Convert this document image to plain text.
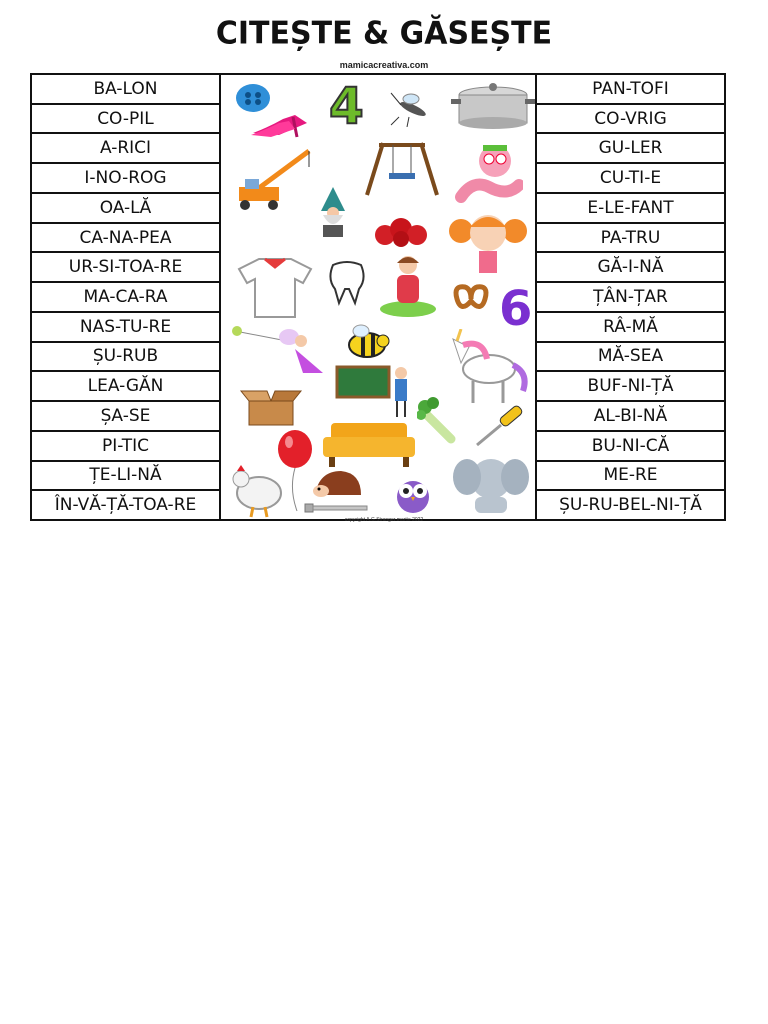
CITEȘTE & GĂSEȘTE
mamicacreativa.com
BA-LON
CO-PIL
A-RICI
I-NO-ROG
OA-LĂ
CA-NA-PEA
UR-SI-TOA-RE
MA-CA-RA
NAS-TU-RE
ȘU-RUB
LEA-GĂN
ȘA-SE
PI-TIC
ȚE-LI-NĂ
ÎN-VĂ-ȚĂ-TOA-RE
4
6
PAN-TOFI
CO-VRIG
GU-LER
CU-TI-E
E-LE-FANT
PA-TRU
GĂ-I-NĂ
ȚÂN-ȚAR
RÂ-MĂ
MĂ-SEA
BUF-NI-ȚĂ
AL-BI-NĂ
BU-NI-CĂ
ME-RE
ȘU-RU-BEL-NI-ȚĂ
copyright A.G.Stranger martie 2022
